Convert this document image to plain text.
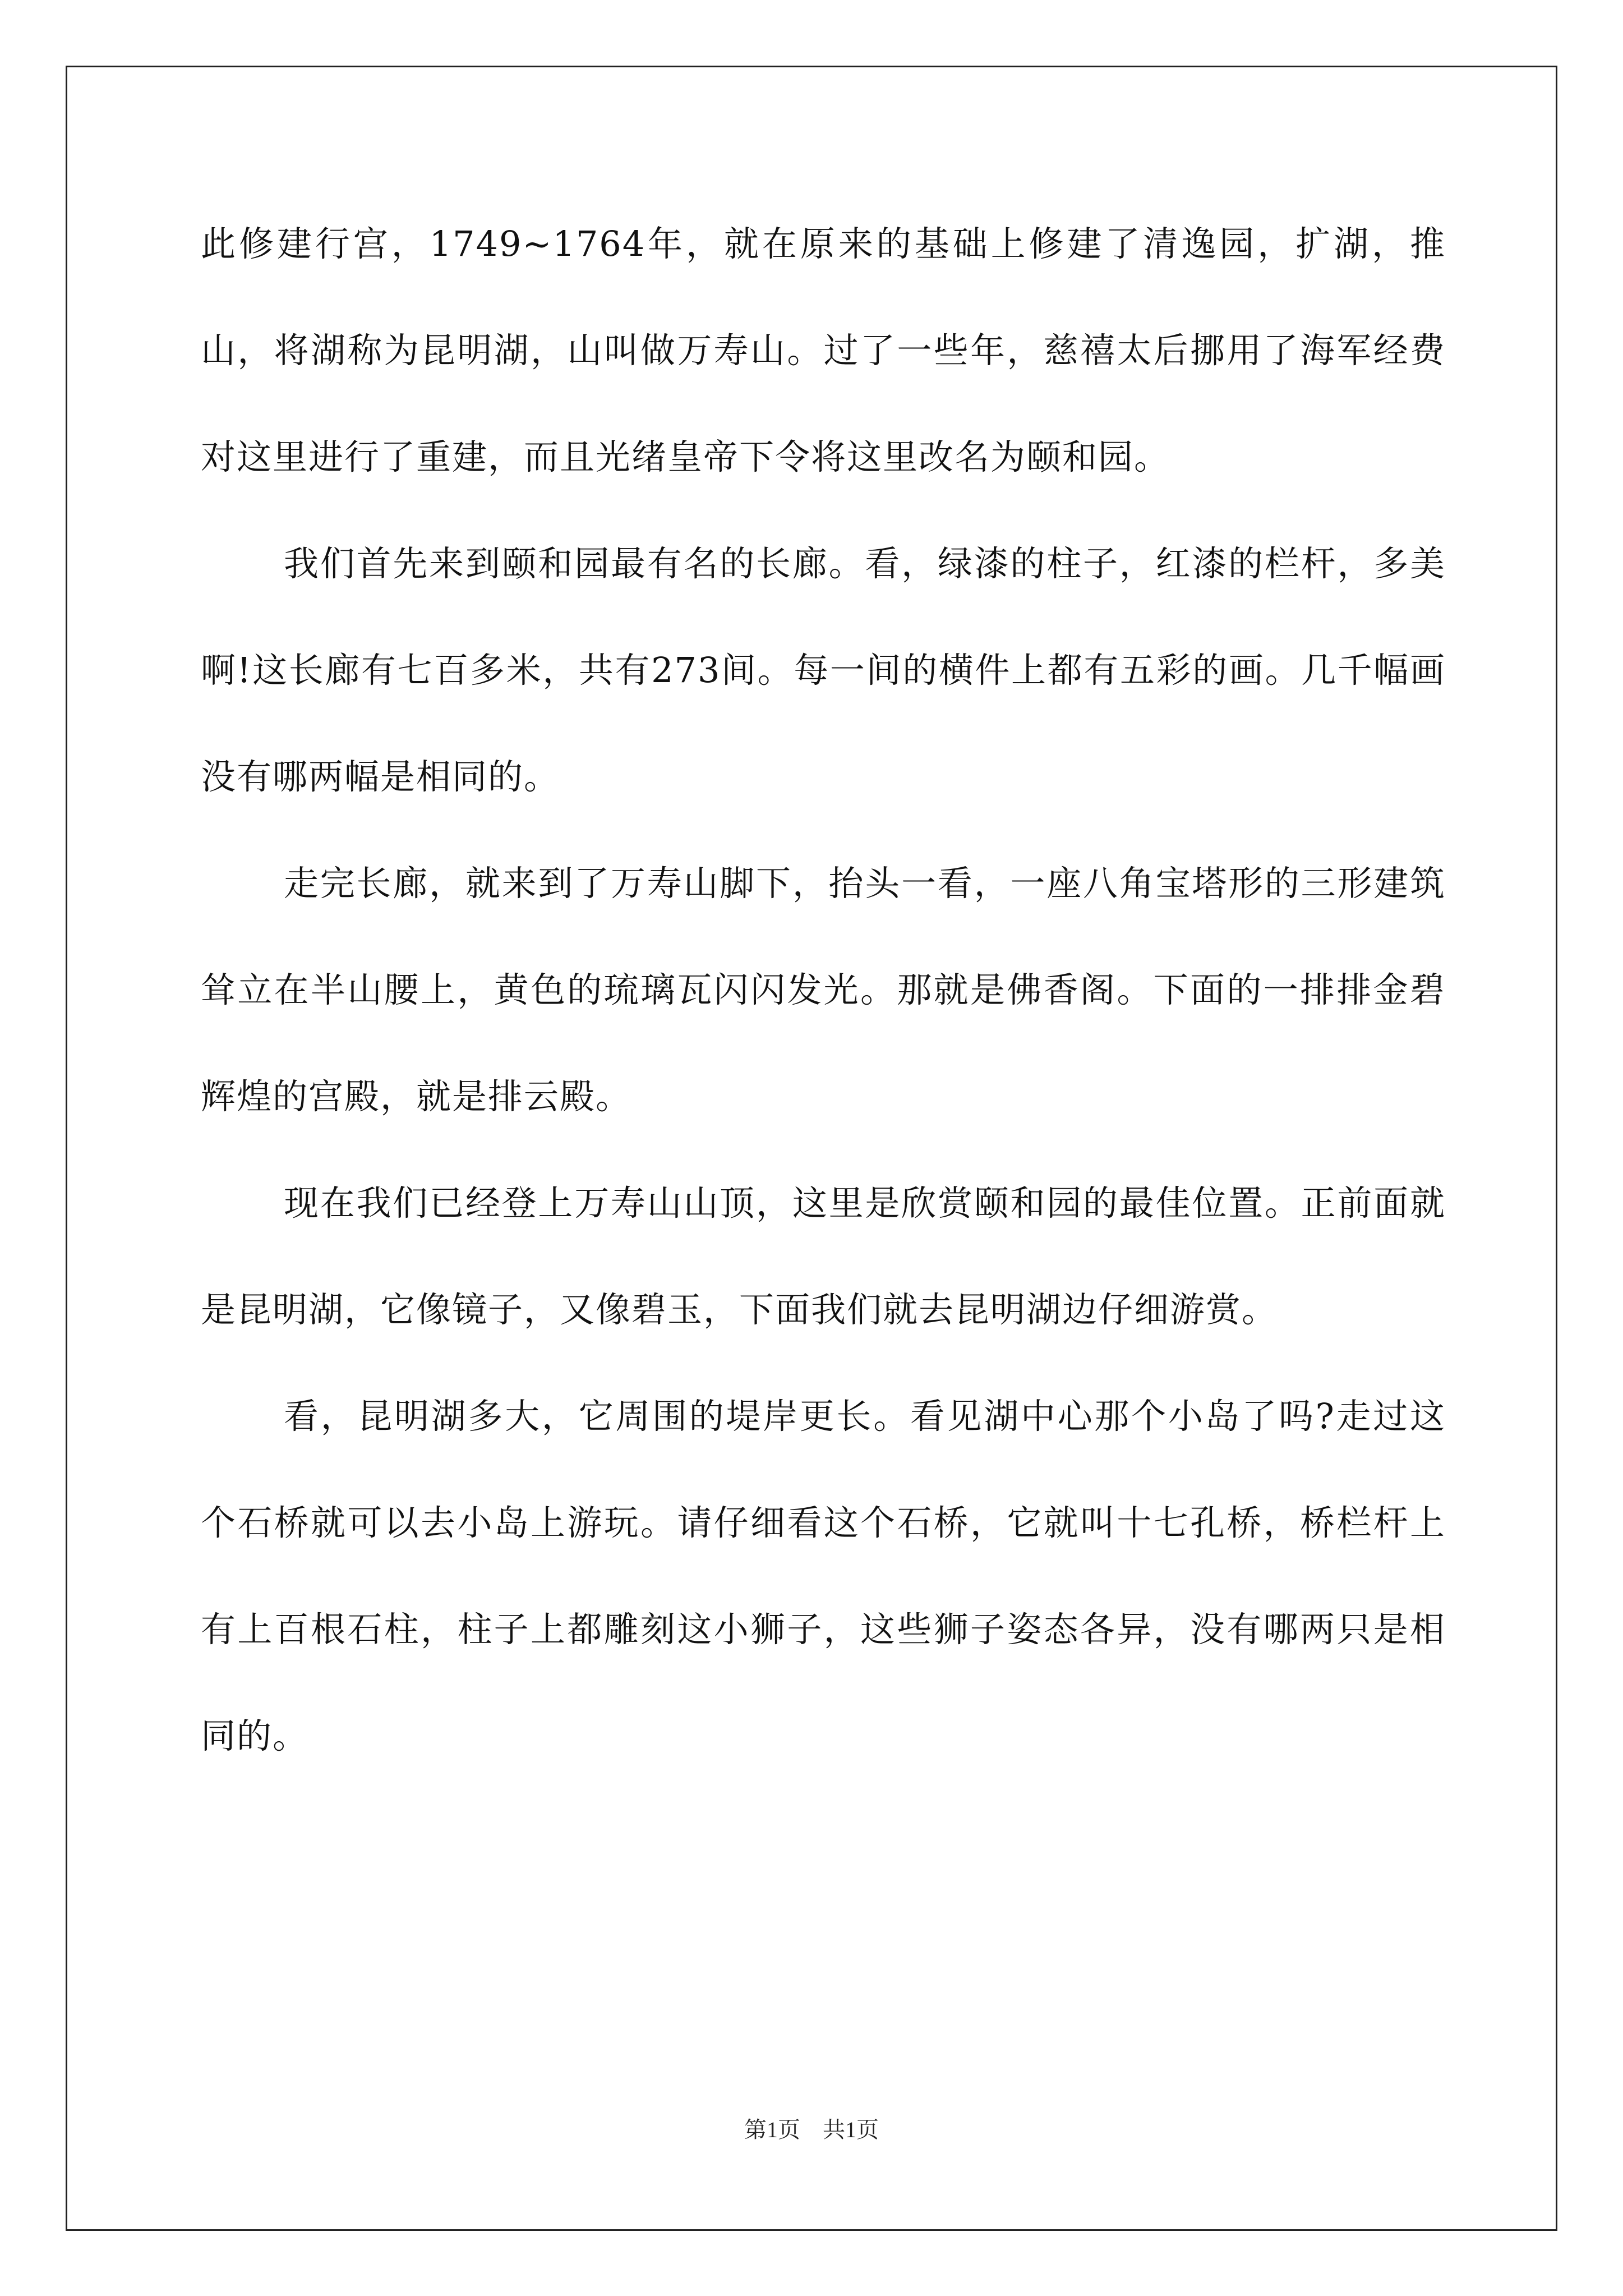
此修建行宫，1749~1764年，就在原来的基础上修建了清逸园，扩湖，推山，将湖称为昆明湖，山叫做万寿山。过了一些年，慈禧太后挪用了海军经费对这里进行了重建，而且光绪皇帝下令将这里改名为颐和园。

我们首先来到颐和园最有名的长廊。看，绿漆的柱子，红漆的栏杆，多美啊!这长廊有七百多米，共有273间。每一间的横件上都有五彩的画。几千幅画没有哪两幅是相同的。

走完长廊，就来到了万寿山脚下，抬头一看，一座八角宝塔形的三形建筑耸立在半山腰上，黄色的琉璃瓦闪闪发光。那就是佛香阁。下面的一排排金碧辉煌的宫殿，就是排云殿。

现在我们已经登上万寿山山顶，这里是欣赏颐和园的最佳位置。正前面就是昆明湖，它像镜子，又像碧玉，下面我们就去昆明湖边仔细游赏。

看，昆明湖多大，它周围的堤岸更长。看见湖中心那个小岛了吗?走过这个石桥就可以去小岛上游玩。请仔细看这个石桥，它就叫十七孔桥，桥栏杆上有上百根石柱，柱子上都雕刻这小狮子，这些狮子姿态各异，没有哪两只是相同的。

第1页 共1页
